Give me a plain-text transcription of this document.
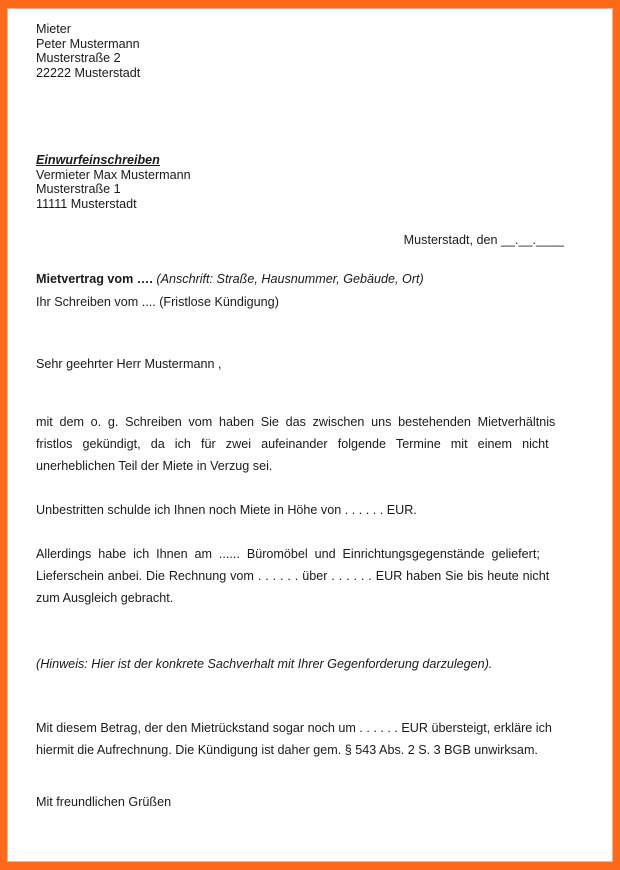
Mieter
Peter Mustermann
Musterstraße 2
22222 Musterstadt
Einwurfeinschreiben
Vermieter Max Mustermann
Musterstraße 1
11111 Musterstadt
Musterstadt, den __.__.____
Mietvertrag vom …. (Anschrift: Straße, Hausnummer, Gebäude, Ort)
Ihr Schreiben vom .... (Fristlose Kündigung)
Sehr geehrter Herr Mustermann ,
mit dem o. g. Schreiben vom haben Sie das zwischen uns bestehenden Mietverhältnis
fristlos gekündigt, da ich für zwei aufeinander folgende Termine mit einem nicht
unerheblichen Teil der Miete in Verzug sei.
Unbestritten schulde ich Ihnen noch Miete in Höhe von . . . . . . EUR.
Allerdings habe ich Ihnen am ...... Büromöbel und Einrichtungsgegenstände geliefert;
Lieferschein anbei. Die Rechnung vom . . . . . . über . . . . . . EUR haben Sie bis heute nicht
zum Ausgleich gebracht.
(Hinweis: Hier ist der konkrete Sachverhalt mit Ihrer Gegenforderung darzulegen).
Mit diesem Betrag, der den Mietrückstand sogar noch um . . . . . . EUR übersteigt, erkläre ich
hiermit die Aufrechnung. Die Kündigung ist daher gem. § 543 Abs. 2 S. 3 BGB unwirksam.
Mit freundlichen Grüßen
